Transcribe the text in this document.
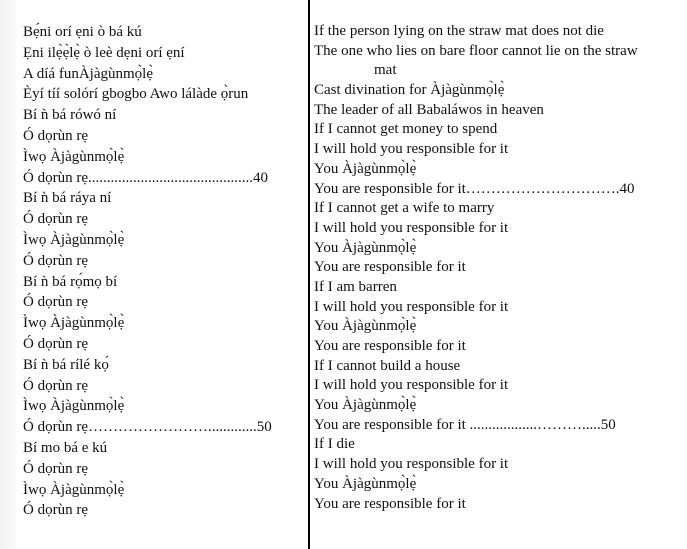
Bẹ́ni orí ẹni ò bá kú
Ẹni ilẹ̀ẹ̀lẹ̀ ò leè dẹni orí ẹní
A díá funÀjàgùnmọ̀lẹ̀
Èyí tíí solórí gbogbo Awo lálàde ọ̀run
Bí ǹ bá rówó ní
Ó dọrùn rẹ
Ìwọ Àjàgùnmọ̀lẹ̀
Ó dọrùn rẹ............................................40
Bí ǹ bá ráya ní
Ó dọrùn rẹ
Ìwọ Àjàgùnmọ̀lẹ̀
Ó dọrùn rẹ
Bí ǹ bá rọ́mọ bí
Ó dọrùn rẹ
Ìwọ Àjàgùnmọ̀lẹ̀
Ó dọrùn rẹ
Bí ǹ bá rílé kọ́
Ó dọrùn rẹ
Ìwọ Àjàgùnmọ̀lẹ̀
Ó dọrùn rẹ…………………….............50
Bí mo bá e kú
Ó dọrùn rẹ
Ìwọ Àjàgùnmọ̀lẹ̀
Ó dọrùn rẹ
If the person lying on the straw mat does not die
The one who lies on bare floor cannot lie on the straw
mat
Cast divination for Àjàgùnmọ̀lẹ̀
The leader of all Babaláwos in heaven
If I cannot get money to spend
I will hold you responsible for it
You Àjàgùnmọ̀lẹ̀
You are responsible for it………………………….40
If I cannot get a wife to marry
I will hold you responsible for it
You Àjàgùnmọ̀lẹ̀
You are responsible for it
If I am barren
I will hold you responsible for it
You Àjàgùnmọ̀lẹ̀
You are responsible for it
If I cannot build a house
I will hold you responsible for it
You Àjàgùnmọ̀lẹ̀
You are responsible for it ..................……….....50
If I die
I will hold you responsible for it
You Àjàgùnmọ̀lẹ̀
You are responsible for it
